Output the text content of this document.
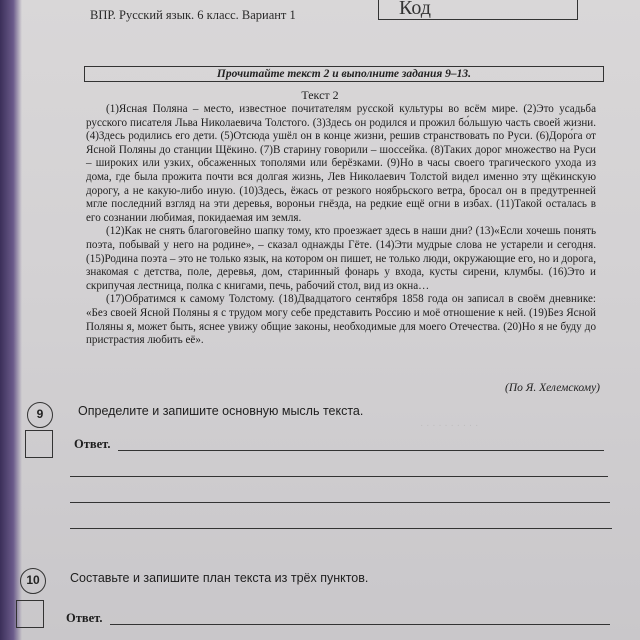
· · · · · · · · · ·
ВПР. Русский язык. 6 класс. Вариант 1	Код
Прочитайте текст 2 и выполните задания 9–13.
Текст 2

(1)Ясная Поляна – место, известное почитателям русской культуры во всём мире. (2)Это усадьба русского писателя Льва Николаевича Толстого. (3)Здесь он родился и прожил бо́льшую часть своей жизни. (4)Здесь родились его дети. (5)Отсюда ушёл он в конце жизни, решив странствовать по Руси. (6)Доро́га от Ясной Поляны до станции Щёкино. (7)В старину говорили – шоссейка. (8)Таких дорог множество на Руси – широких или узких, обсаженных тополями или берёзками. (9)Но в часы своего трагического ухода из дома, где была прожита почти вся долгая жизнь, Лев Николаевич Толстой видел именно эту щёкинскую дорогу, а не какую-либо иную. (10)Здесь, ёжась от резкого ноябрьского ветра, бросал он в предутренней мгле последний взгляд на эти деревья, вороньи гнёзда, на редкие ещё огни в избах. (11)Такой осталась в его сознании любимая, покидаемая им земля.

(12)Как не снять благоговейно шапку тому, кто проезжает здесь в наши дни? (13)«Если хочешь понять поэта, побывай у него на родине», – сказал однажды Гёте. (14)Эти мудрые слова не устарели и сегодня. (15)Родина поэта – это не только язык, на котором он пишет, не только люди, окружающие его, но и дорога, знакомая с детства, поле, деревья, дом, старинный фонарь у входа, кусты сирени, клумбы. (16)Это и скрипучая лестница, полка с книгами, печь, рабочий стол, вид из окна…

(17)Обратимся к самому Толстому. (18)Двадцатого сентября 1858 года он записал в своём дневнике: «Без своей Ясной Поляны я с трудом могу себе представить Россию и моё отношение к ней. (19)Без Ясной Поляны я, может быть, яснее увижу общие законы, необходимые для моего Отечества. (20)Но я не буду до пристрастия любить её».

(По Я. Хелемскому)
9	Определите и запишите основную мысль текста.
Ответ.
10	Составьте и запишите план текста из трёх пунктов.
Ответ.
